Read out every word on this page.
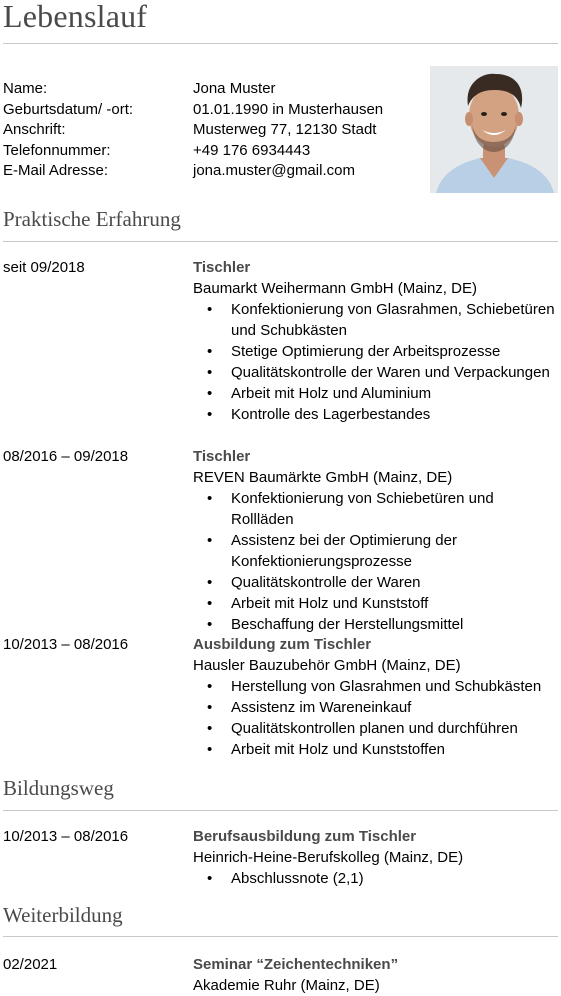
Lebenslauf
Name:	Jona Muster
Geburtsdatum/ -ort:	01.01.1990 in Musterhausen
Anschrift:	Musterweg 77, 12130 Stadt
Telefonnummer:	+49 176 6934443
E-Mail Adresse:	jona.muster@gmail.com
Praktische Erfahrung
seit 09/2018	Tischler
Baumarkt Weihermann GmbH (Mainz, DE)
• Konfektionierung von Glasrahmen, Schiebetüren und Schubkästen
• Stetige Optimierung der Arbeitsprozesse
• Qualitätskontrolle der Waren und Verpackungen
• Arbeit mit Holz und Aluminium
• Kontrolle des Lagerbestandes
08/2016 – 09/2018	Tischler
REVEN Baumärkte GmbH (Mainz, DE)
• Konfektionierung von Schiebetüren und Rollläden
• Assistenz bei der Optimierung der Konfektionierungsprozesse
• Qualitätskontrolle der Waren
• Arbeit mit Holz und Kunststoff
• Beschaffung der Herstellungsmittel
10/2013 – 08/2016	Ausbildung zum Tischler
Hausler Bauzubehör GmbH (Mainz, DE)
• Herstellung von Glasrahmen und Schubkästen
• Assistenz im Wareneinkauf
• Qualitätskontrollen planen und durchführen
• Arbeit mit Holz und Kunststoffen
Bildungsweg
10/2013 – 08/2016	Berufsausbildung zum Tischler
Heinrich-Heine-Berufskolleg (Mainz, DE)
• Abschlussnote (2,1)
Weiterbildung
02/2021	Seminar “Zeichentechniken”
Akademie Ruhr (Mainz, DE)
